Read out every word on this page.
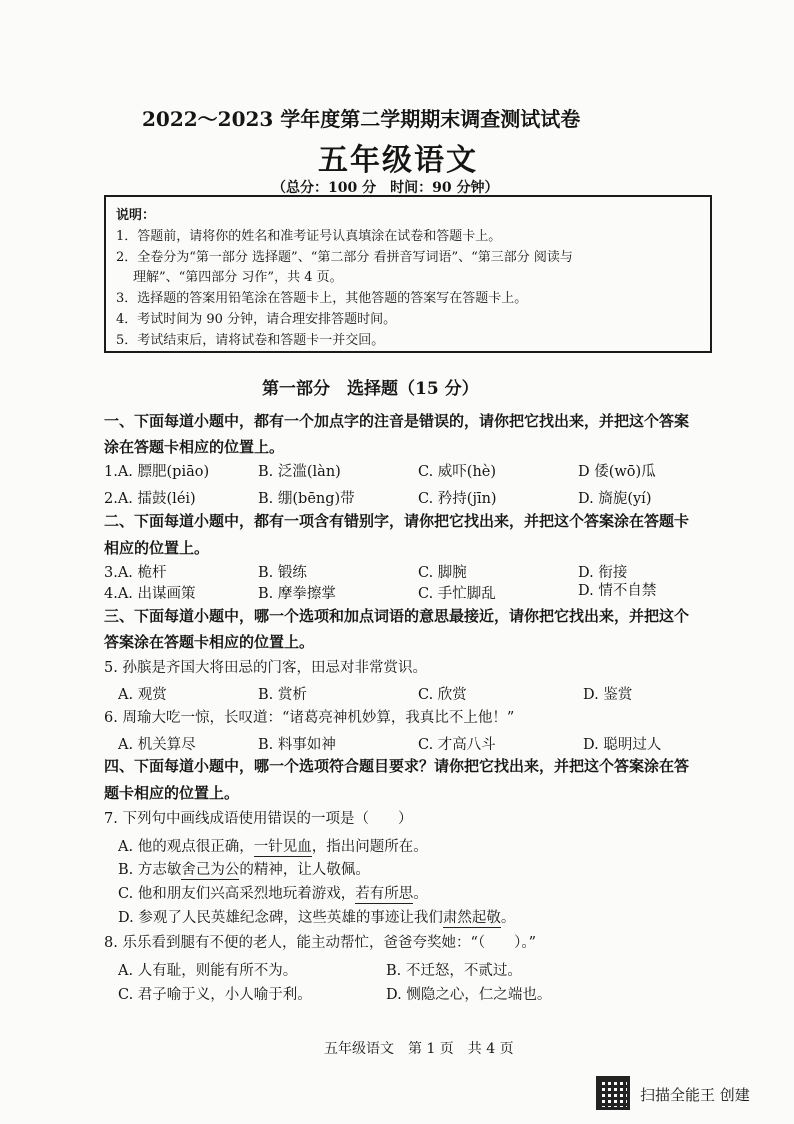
2022～2023 学年度第二学期期末调查测试试卷
五年级语文
（总分：100 分　时间：90 分钟）
说明：
1．答题前，请将你的姓名和准考证号认真填涂在试卷和答题卡上。
2．全卷分为“第一部分 选择题”、“第二部分 看拼音写词语”、“第三部分 阅读与
理解”、“第四部分 习作”，共 4 页。
3．选择题的答案用铅笔涂在答题卡上，其他答题的答案写在答题卡上。
4．考试时间为 90 分钟，请合理安排答题时间。
5．考试结束后，请将试卷和答题卡一并交回。
第一部分　选择题（15 分）
一、下面每道小题中，都有一个加点字的注音是错误的，请你把它找出来，并把这个答案
涂在答题卡相应的位置上。
1.A. 膘肥(piāo)	B. 泛滥(làn)	C. 威吓(hè)	D 倭(wō)瓜
2.A. 擂鼓(léi)	B. 绷(bēng)带	C. 矜持(jīn)	D. 旖旎(yí)
二、下面每道小题中，都有一项含有错别字，请你把它找出来，并把这个答案涂在答题卡
相应的位置上。
3.A. 桅杆	B. 锻练	C. 脚腕	D. 衔接
4.A. 出谋画策	B. 摩拳擦掌	C. 手忙脚乱	D. 情不自禁
三、下面每道小题中，哪一个选项和加点词语的意思最接近，请你把它找出来，并把这个
答案涂在答题卡相应的位置上。
5. 孙膑是齐国大将田忌的门客，田忌对非常赏识。
A. 观赏	B. 赏析	C. 欣赏	D. 鉴赏
6. 周瑜大吃一惊，长叹道：“诸葛亮神机妙算，我真比不上他！”
A. 机关算尽	B. 料事如神	C. 才高八斗	D. 聪明过人
四、下面每道小题中，哪一个选项符合题目要求？请你把它找出来，并把这个答案涂在答
题卡相应的位置上。
7. 下列句中画线成语使用错误的一项是（　　）
A. 他的观点很正确，一针见血，指出问题所在。
B. 方志敏舍己为公的精神，让人敬佩。
C. 他和朋友们兴高采烈地玩着游戏，若有所思。
D. 参观了人民英雄纪念碑，这些英雄的事迹让我们肃然起敬。
8. 乐乐看到腿有不便的老人，能主动帮忙，爸爸夸奖她：“（　　）。”
A. 人有耻，则能有所不为。	B. 不迁怒，不贰过。
C. 君子喻于义，小人喻于利。	D. 恻隐之心，仁之端也。
五年级语文　第 1 页　共 4 页
扫描全能王 创建
